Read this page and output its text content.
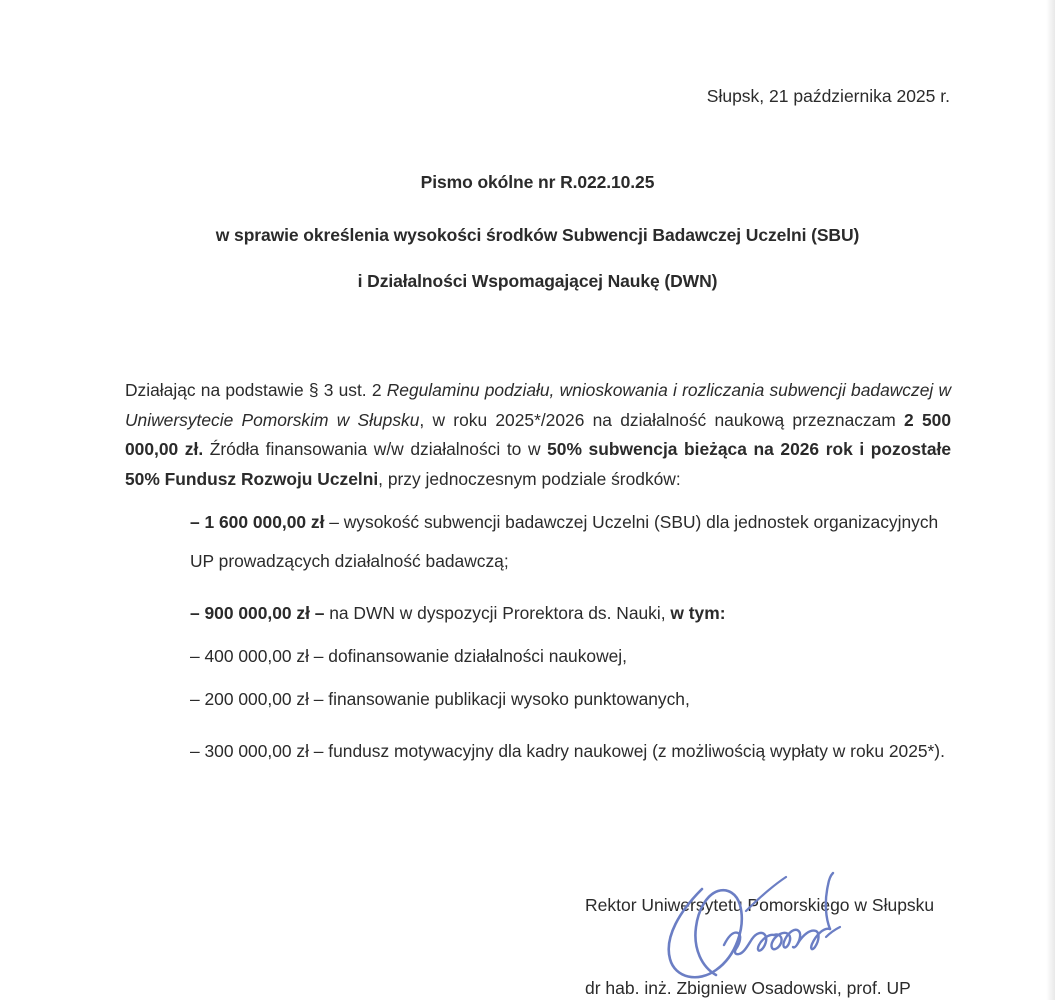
Słupsk, 21 października 2025 r.
Pismo okólne nr R.022.10.25
w sprawie określenia wysokości środków Subwencji Badawczej Uczelni (SBU)
i Działalności Wspomagającej Naukę (DWN)

Działając na podstawie § 3 ust. 2 Regulaminu podziału, wnioskowania i rozliczania subwencji badawczej w Uniwersytecie Pomorskim w Słupsku, w roku 2025*/2026 na działalność naukową przeznaczam 2 500 000,00 zł. Źródła finansowania w/w działalności to w 50% subwencja bieżąca na 2026 rok i pozostałe 50% Fundusz Rozwoju Uczelni, przy jednoczesnym podziale środków:

– 1 600 000,00 zł – wysokość subwencji badawczej Uczelni (SBU) dla jednostek organizacyjnych UP prowadzących działalność badawczą;
– 900 000,00 zł – na DWN w dyspozycji Prorektora ds. Nauki, w tym:
– 400 000,00 zł – dofinansowanie działalności naukowej,
– 200 000,00 zł – finansowanie publikacji wysoko punktowanych,
– 300 000,00 zł – fundusz motywacyjny dla kadry naukowej (z możliwością wypłaty w roku 2025*).
Rektor Uniwersytetu Pomorskiego w Słupsku
dr hab. inż. Zbigniew Osadowski, prof. UP
